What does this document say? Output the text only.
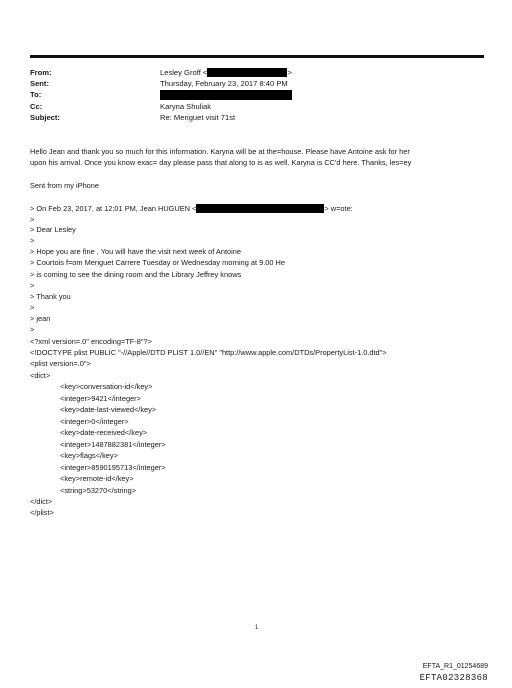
From:	Lesley Groff <	>
Sent:	Thursday, February 23, 2017 8:40 PM
To:
Cc:	Karyna Shuliak
Subject:	Re: Meriguet visit 71st
Hello Jean and thank you so much for this information. Karyna will be at the=house. Please have Antoine ask for her
upon his arrival. Once you know exac= day please pass that along to is as well. Karyna is CC'd here. Thanks, les=ey
Sent from my iPhone
> On Feb 23, 2017, at 12:01 PM, Jean HUGUEN <	> w=ote:
>
> Dear Lesley
>
> Hope you are fine , You will have the visit next week of Antoine
> Courtois f=om Meriguet Carrere Tuesday or Wednesday morning at 9.00 He
> is coming to see the dining room and the Library Jeffrey knows
>
> Thank you
>
> jean
>
<?xml version=.0" encoding=TF-8"?>
<!DOCTYPE plist PUBLIC "-//Apple//DTD PLIST 1.0//EN" "http://www.apple.com/DTDs/PropertyList-1.0.dtd">
<plist version=.0">
<dict>
<key>conversation-id</key>
<integer>9421</integer>
<key>date-last-viewed</key>
<integer>0</integer>
<key>date-received</key>
<integer>1487882381</integer>
<key>flags</key>
<integer>8590195713</integer>
<key>remote-id</key>
<string>53270</string>
</dict>
</plist>
1
EFTA_R1_01254689
EFTA02328368
